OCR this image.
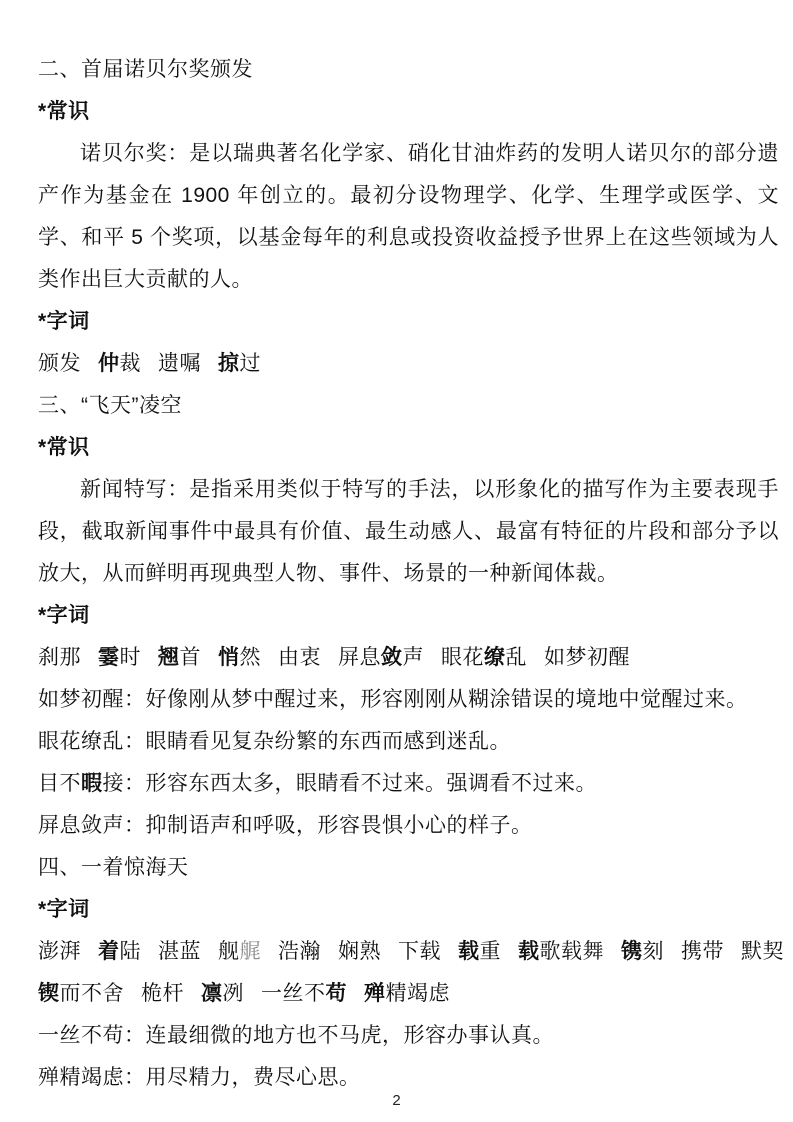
二、首届诺贝尔奖颁发
*常识
诺贝尔奖：是以瑞典著名化学家、硝化甘油炸药的发明人诺贝尔的部分遗产作为基金在 1900 年创立的。最初分设物理学、化学、生理学或医学、文学、和平 5 个奖项，以基金每年的利息或投资收益授予世界上在这些领域为人类作出巨大贡献的人。
*字词
颁发 仲裁 遗嘱 掠过
三、“飞天”凌空
*常识
新闻特写：是指采用类似于特写的手法，以形象化的描写作为主要表现手段，截取新闻事件中最具有价值、最生动感人、最富有特征的片段和部分予以放大，从而鲜明再现典型人物、事件、场景的一种新闻体裁。
*字词
刹那 霎时 翘首 悄然 由衷 屏息敛声 眼花缭乱 如梦初醒
如梦初醒：好像刚从梦中醒过来，形容刚刚从糊涂错误的境地中觉醒过来。
眼花缭乱：眼睛看见复杂纷繁的东西而感到迷乱。
目不暇接：形容东西太多，眼睛看不过来。强调看不过来。
屏息敛声：抑制语声和呼吸，形容畏惧小心的样子。
四、一着惊海天
*字词
澎湃 着陆 湛蓝 舰艉 浩瀚 娴熟 下载 载重 载歌载舞 镌刻 携带 默契
锲而不舍 桅杆 凛冽 一丝不苟 殚精竭虑
一丝不苟：连最细微的地方也不马虎，形容办事认真。
殚精竭虑：用尽精力，费尽心思。
2
